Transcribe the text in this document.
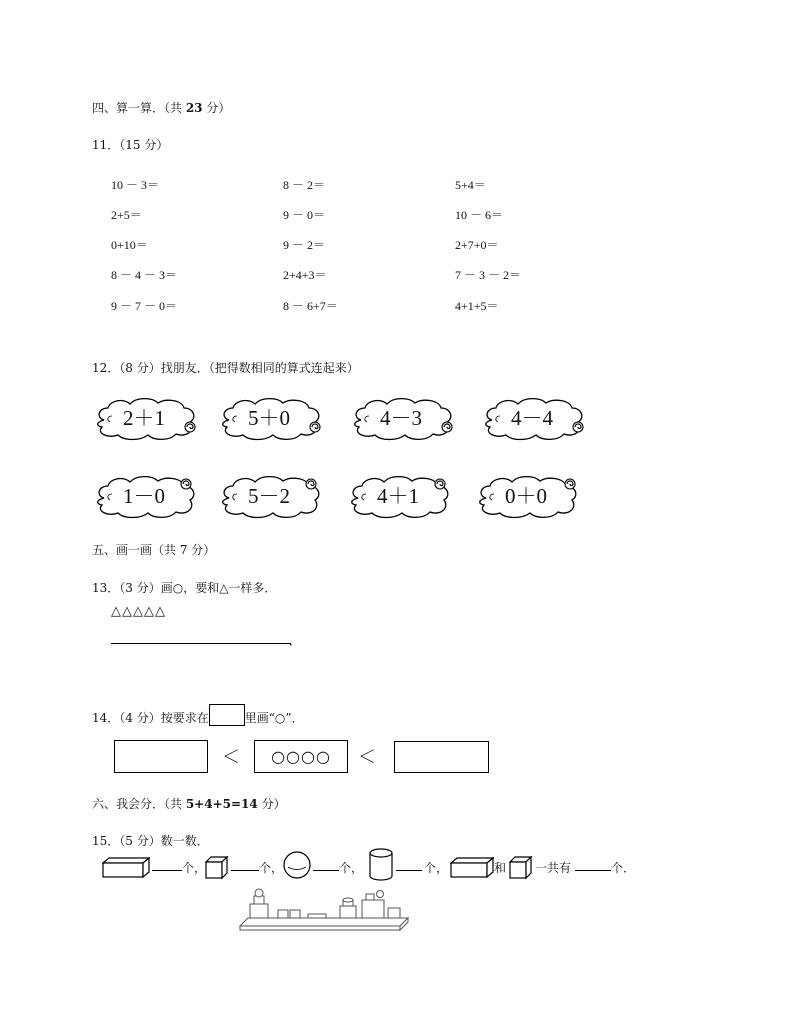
四、算一算．（共 23 分）
11．（15 分）
10 － 3＝	8 － 2＝	5+4＝
2+5＝	9 － 0＝	10 － 6＝
0+10＝	9 － 2＝	2+7+0＝
8 － 4 － 3＝	2+4+3＝	7 － 3 － 2＝
9 － 7 － 0＝	8 － 6+7＝	4+1+5＝
12．（8 分）找朋友．（把得数相同的算式连起来）
2＋1	5＋0	4－3	4－4
1－0	5－2	4＋1	0＋0
五、画一画（共 7 分）
13．（3 分）画○，要和△一样多．
△△△△△
．
14．（4 分）按要求在	里画“○”．
＜	○○○○	＜
六、我会分．（共 5+4+5=14 分）
15．（5 分）数一数．
个，	个，	个，	个，	和 一共有	个．
